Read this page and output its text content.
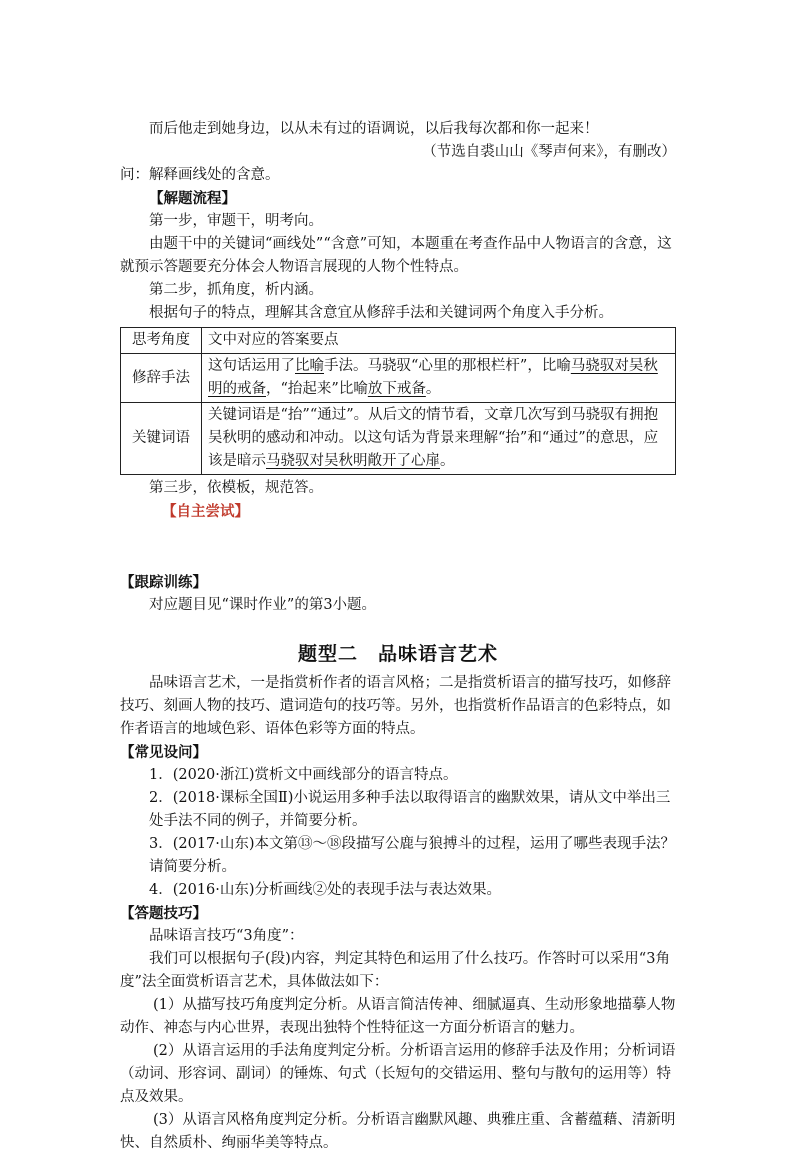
而后他走到她身边，以从未有过的语调说，以后我每次都和你一起来！

（节选自裘山山《琴声何来》，有删改）

问：解释画线处的含意。

【解题流程】

第一步，审题干，明考向。

由题干中的关键词“画线处”“含意”可知，本题重在考查作品中人物语言的含意，这就预示答题要充分体会人物语言展现的人物个性特点。

第二步，抓角度，析内涵。

根据句子的特点，理解其含意宜从修辞手法和关键词两个角度入手分析。

思考角度	文中对应的答案要点
修辞手法	这句话运用了比喻手法。马骁驭“心里的那根栏杆”，比喻马骁驭对吴秋明的戒备，“抬起来”比喻放下戒备。
关键词语	关键词语是“抬”“通过”。从后文的情节看，文章几次写到马骁驭有拥抱吴秋明的感动和冲动。以这句话为背景来理解“抬”和“通过”的意思，应该是暗示马骁驭对吴秋明敞开了心扉。

第三步，依模板，规范答。

【自主尝试】

【跟踪训练】

对应题目见“课时作业”的第3小题。

题型二 品味语言艺术

品味语言艺术，一是指赏析作者的语言风格；二是指赏析语言的描写技巧，如修辞技巧、刻画人物的技巧、遣词造句的技巧等。另外，也指赏析作品语言的色彩特点，如作者语言的地域色彩、语体色彩等方面的特点。

【常见设问】

1．(2020·浙江)赏析文中画线部分的语言特点。

2．(2018·课标全国Ⅱ)小说运用多种手法以取得语言的幽默效果，请从文中举出三处手法不同的例子，并简要分析。

3．(2017·山东)本文第⑬～⑱段描写公鹿与狼搏斗的过程，运用了哪些表现手法？请简要分析。

4．(2016·山东)分析画线②处的表现手法与表达效果。

【答题技巧】

品味语言技巧“3角度”：

我们可以根据句子(段)内容，判定其特色和运用了什么技巧。作答时可以采用“3角度”法全面赏析语言艺术，具体做法如下：

(1）从描写技巧角度判定分析。从语言简洁传神、细腻逼真、生动形象地描摹人物动作、神态与内心世界，表现出独特个性特征这一方面分析语言的魅力。

(2）从语言运用的手法角度判定分析。分析语言运用的修辞手法及作用；分析词语（动词、形容词、副词）的锤炼、句式（长短句的交错运用、整句与散句的运用等）特点及效果。

(3）从语言风格角度判定分析。分析语言幽默风趣、典雅庄重、含蓄蕴藉、清新明快、自然质朴、绚丽华美等特点。
